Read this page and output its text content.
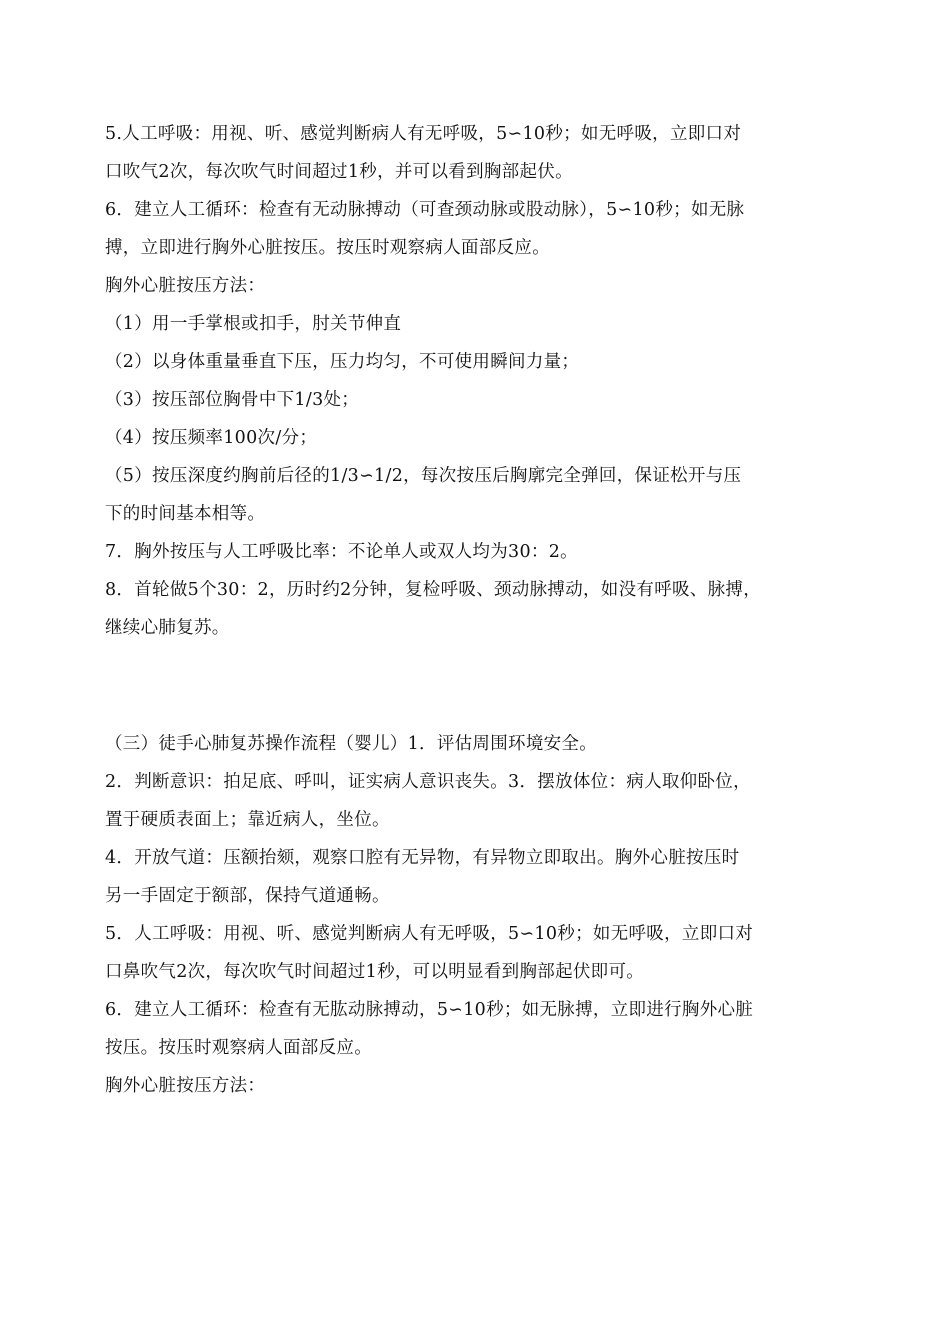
5.人工呼吸：用视、听、感觉判断病人有无呼吸，5∽10秒；如无呼吸，立即口对
口吹气2次，每次吹气时间超过1秒，并可以看到胸部起伏。
6．建立人工循环：检查有无动脉搏动（可查颈动脉或股动脉），5∽10秒；如无脉
搏，立即进行胸外心脏按压。按压时观察病人面部反应。
胸外心脏按压方法：
（1）用一手掌根或扣手，肘关节伸直
（2）以身体重量垂直下压，压力均匀，不可使用瞬间力量；
（3）按压部位胸骨中下1/3处；
（4）按压频率100次/分；
（5）按压深度约胸前后径的1/3∽1/2，每次按压后胸廓完全弹回，保证松开与压
下的时间基本相等。
7．胸外按压与人工呼吸比率：不论单人或双人均为30：2。
8．首轮做5个30：2，历时约2分钟，复检呼吸、颈动脉搏动，如没有呼吸、脉搏，
继续心肺复苏。
（三）徒手心肺复苏操作流程（婴儿）1．评估周围环境安全。
2．判断意识：拍足底、呼叫，证实病人意识丧失。3．摆放体位：病人取仰卧位，
置于硬质表面上；靠近病人，坐位。
4．开放气道：压额抬颏，观察口腔有无异物，有异物立即取出。胸外心脏按压时
另一手固定于额部，保持气道通畅。
5．人工呼吸：用视、听、感觉判断病人有无呼吸，5∽10秒；如无呼吸，立即口对
口鼻吹气2次，每次吹气时间超过1秒，可以明显看到胸部起伏即可。
6．建立人工循环：检查有无肱动脉搏动，5∽10秒；如无脉搏，立即进行胸外心脏
按压。按压时观察病人面部反应。
胸外心脏按压方法：
